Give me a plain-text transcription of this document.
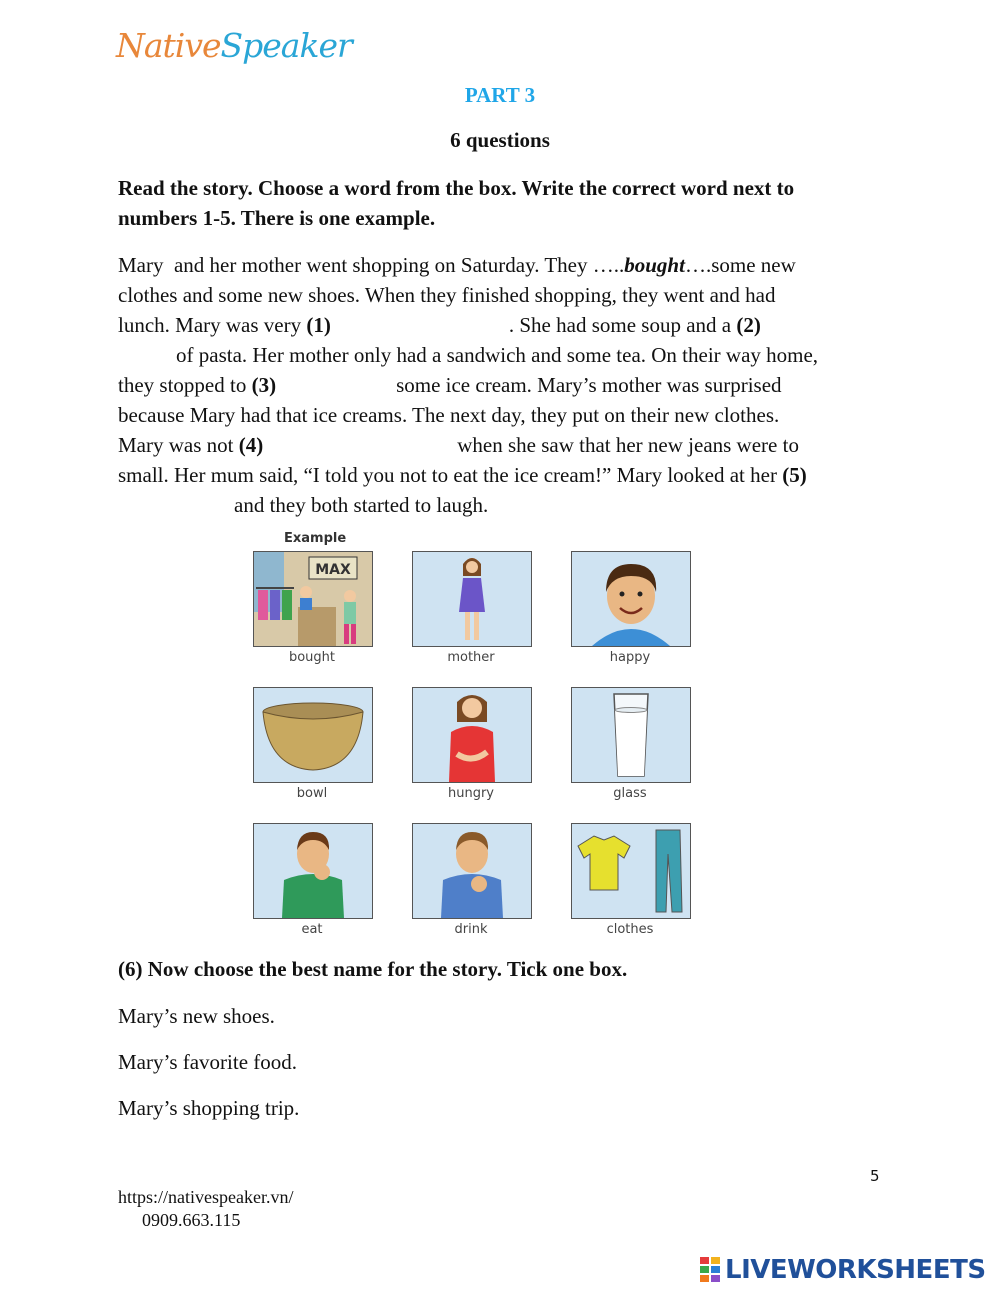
NativeSpeaker
PART 3
6 questions
Read the story. Choose a word from the box. Write the correct word next to
numbers 1-5. There is one example.
Mary  and her mother went shopping on Saturday. They …..bought….some new
clothes and some new shoes. When they finished shopping, they went and had
lunch. Mary was very (1)	. She had some soup and a (2)
of pasta. Her mother only had a sandwich and some tea. On their way home,
they stopped to (3)	some ice cream. Mary’s mother was surprised
because Mary had that ice creams. The next day, they put on their new clothes.
Mary was not (4)	when she saw that her new jeans were to
small. Her mum said, “I told you not to eat the ice cream!” Mary looked at her (5)
and they both started to laugh.
Example
MAX
bought	mother	happy
bowl	hungry	glass
eat	drink	clothes
(6) Now choose the best name for the story. Tick one box.
Mary’s new shoes.
Mary’s favorite food.
Mary’s shopping trip.
5
https://nativespeaker.vn/
0909.663.115
LIVEWORKSHEETS
